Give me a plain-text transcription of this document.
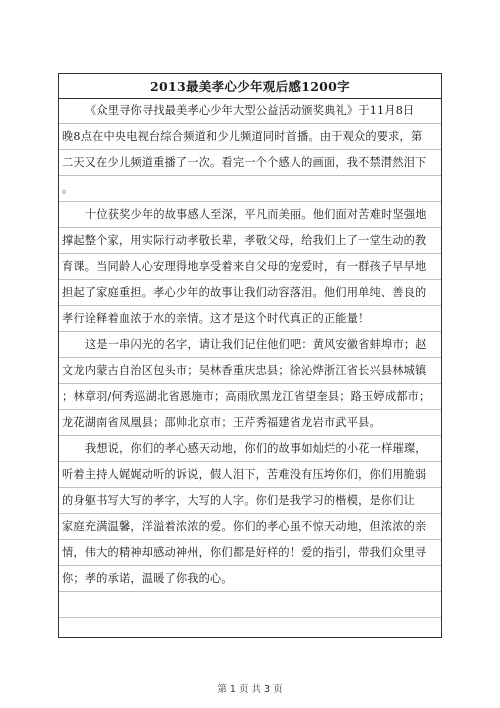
2013最美孝心少年观后感1200字
《众里寻你寻找最美孝心少年大型公益活动颁奖典礼》于11月8日
晚8点在中央电视台综合频道和少儿频道同时首播。由于观众的要求，第
二天又在少儿频道重播了一次。看完一个个感人的画面，我不禁潸然泪下
。
十位获奖少年的故事感人至深，平凡而美丽。他们面对苦难时坚强地
撑起整个家，用实际行动孝敬长辈，孝敬父母，给我们上了一堂生动的教
育课。当同龄人心安理得地享受着来自父母的宠爱时，有一群孩子早早地
担起了家庭重担。孝心少年的故事让我们动容落泪。他们用单纯、善良的
孝行诠释着血浓于水的亲情。这才是这个时代真正的正能量！
这是一串闪光的名字，请让我们记住他们吧：黄风安徽省蚌埠市；赵
文龙内蒙古自治区包头市；吴林香重庆忠县；徐沁烨浙江省长兴县林城镇
；林章羽/何秀巡湖北省恩施市；高雨欣黑龙江省望奎县；路玉婷成都市；
龙花湖南省凤凰县；邵帅北京市；王芹秀福建省龙岩市武平县。
我想说，你们的孝心感天动地，你们的故事如灿烂的小花一样璀璨，
听着主持人娓娓动听的诉说，假人泪下，苦难没有压垮你们，你们用脆弱
的身躯书写大写的孝字，大写的人字。你们是我学习的楷模，是你们让
家庭充满温馨，洋溢着浓浓的爱。你们的孝心虽不惊天动地，但浓浓的亲
情，伟大的精神却感动神州，你们都是好样的！爱的指引，带我们众里寻
你；孝的承诺，温暖了你我的心。
第 1 页 共 3 页
